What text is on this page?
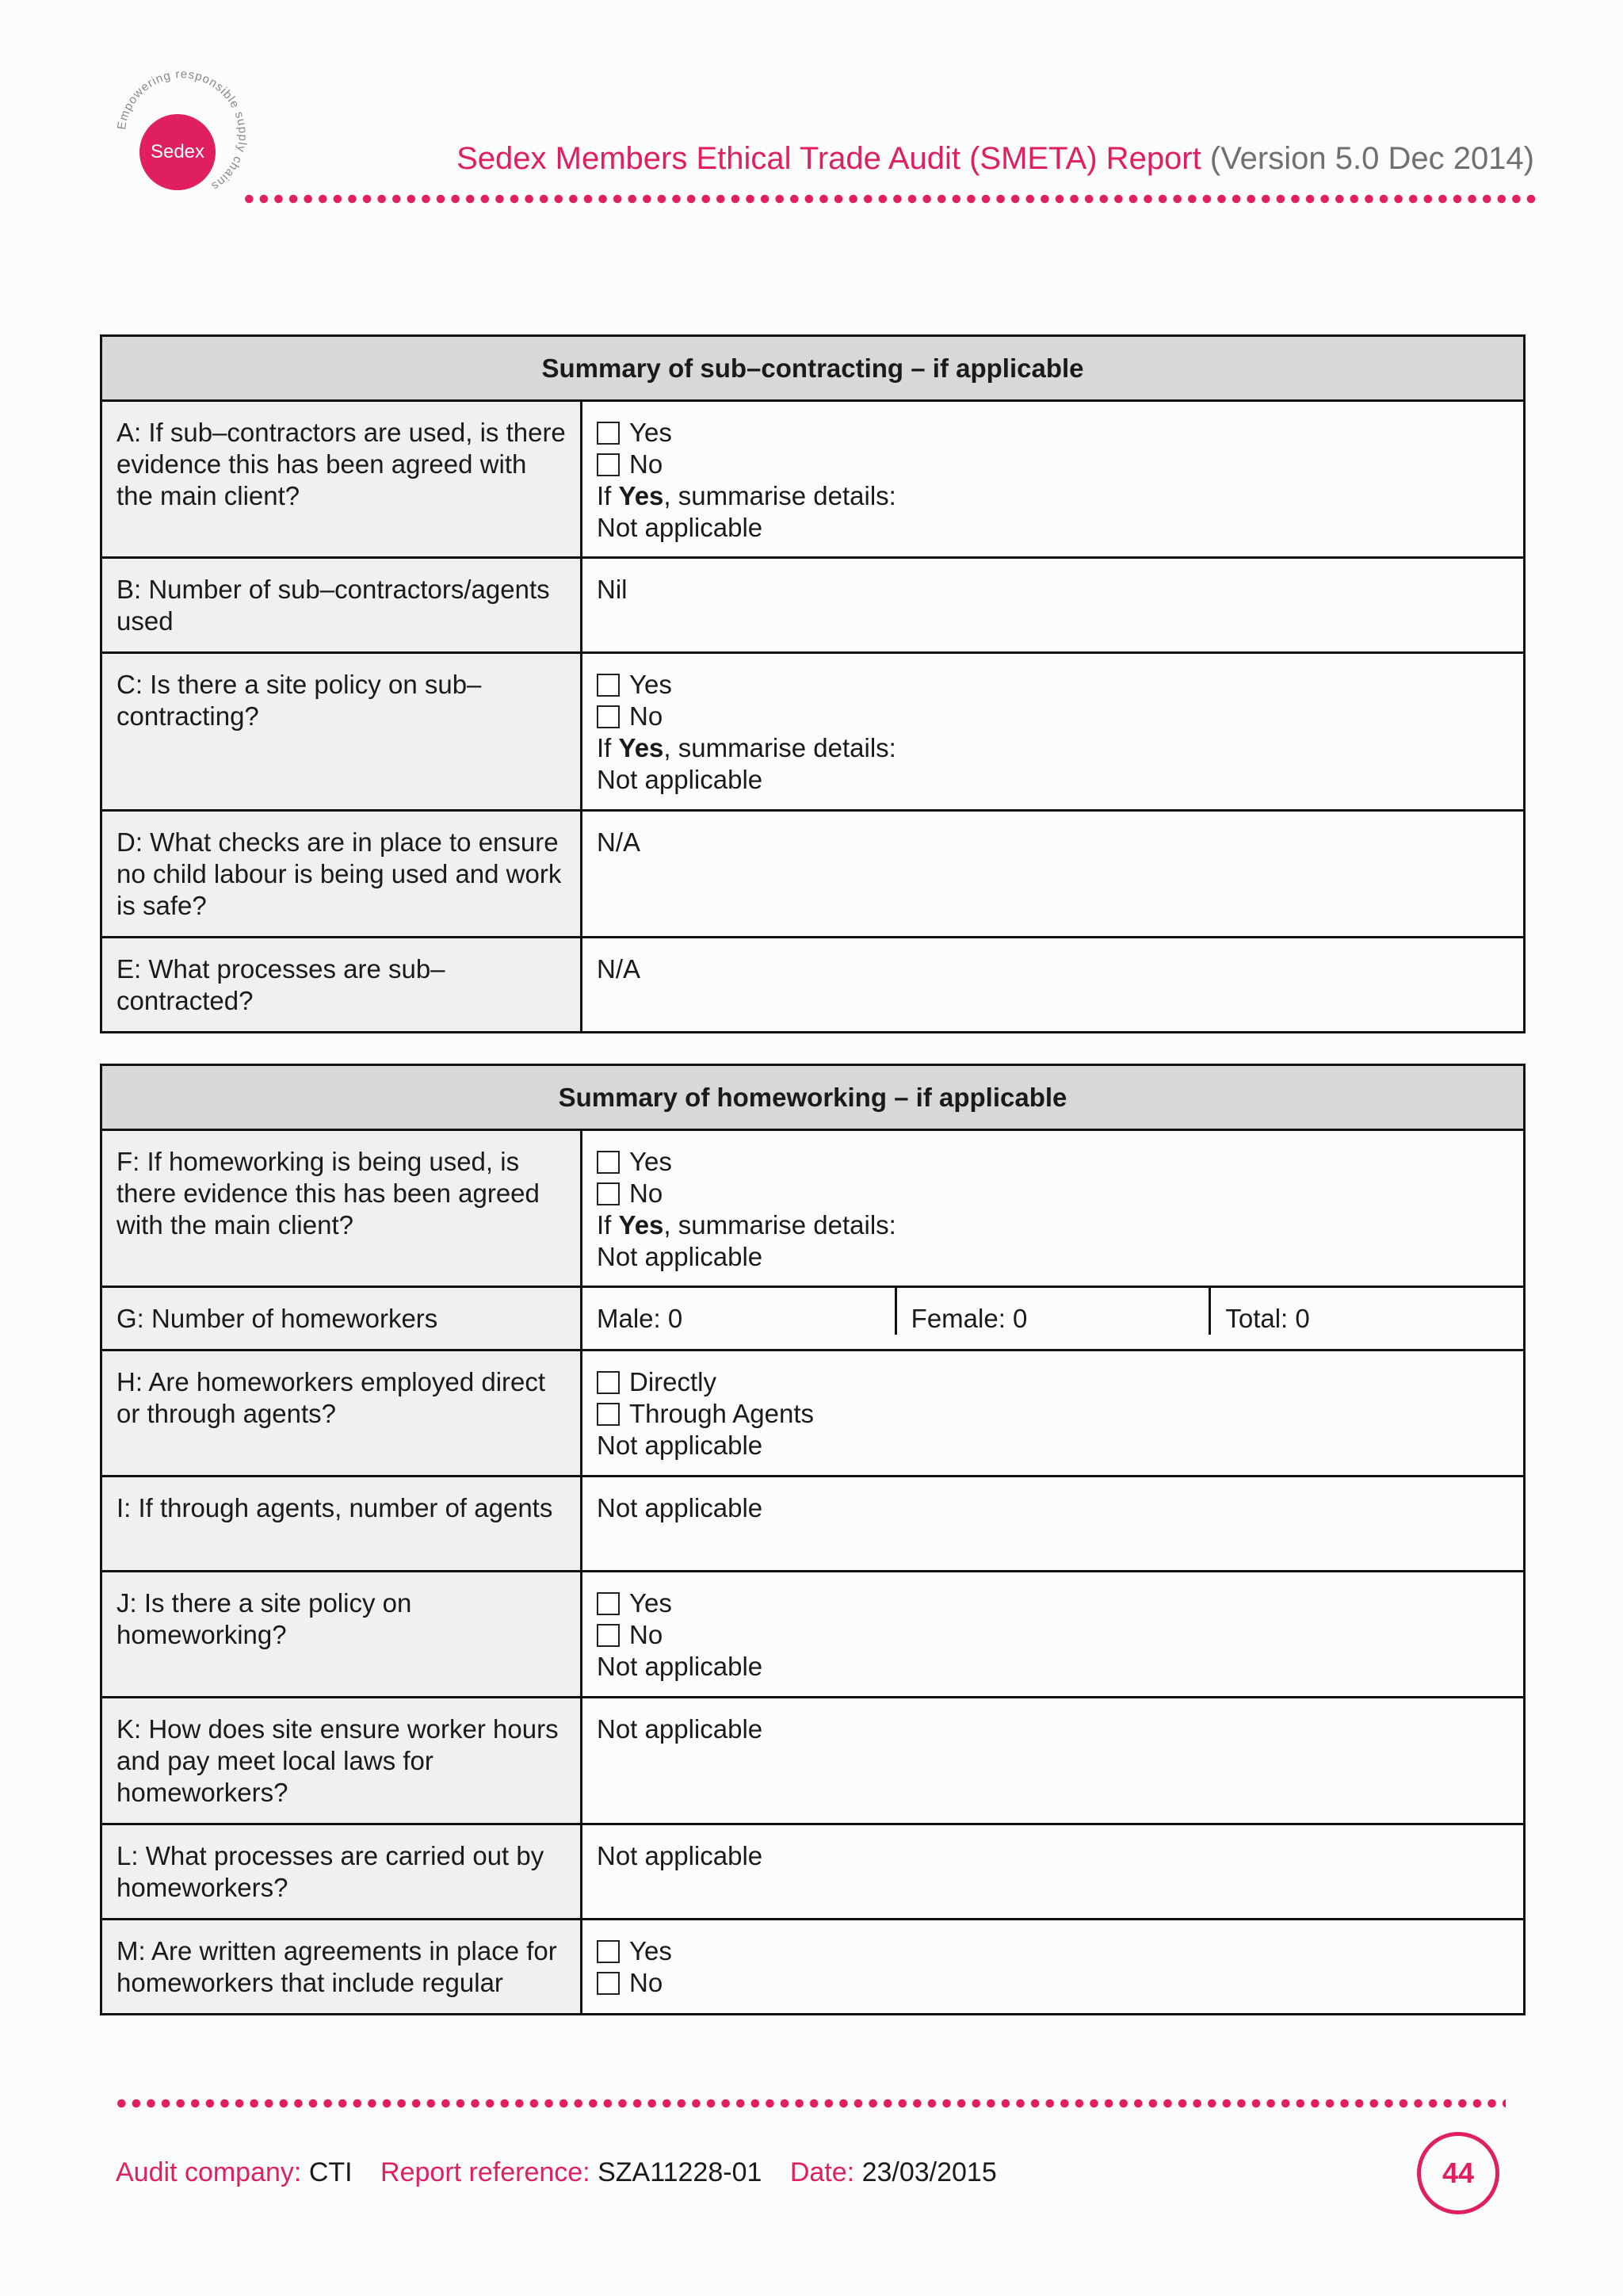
Empowering responsible supply chains
Sedex	Sedex Members Ethical Trade Audit (SMETA) Report (Version 5.0 Dec 2014)
Summary of sub–contracting – if applicable	
A: If sub–contractors are used, is there evidence this has been agreed with the main client?	Yes
No
If Yes, summarise details:
Not applicable

B: Number of sub–contractors/agents used	Nil
C: Is there a site policy on sub–contracting?	Yes
No
If Yes, summarise details:
Not applicable

D: What checks are in place to ensure no child labour is being used and work is safe?	N/A
E: What processes are sub–contracted?	N/A
Summary of homeworking – if applicable	
F: If homeworking is being used, is there evidence this has been agreed with the main client?	Yes
No
If Yes, summarise details:
Not applicable

G: Number of homeworkers	Male: 0 Female: 0 Total: 0

H: Are homeworkers employed direct or through agents?	Directly
Through Agents
Not applicable

I: If through agents, number of agents	Not applicable
J: Is there a site policy on homeworking?	Yes
No
Not applicable

K: How does site ensure worker hours and pay meet local laws for homeworkers?	Not applicable
L: What processes are carried out by homeworkers?	Not applicable
M: Are written agreements in place for homeworkers that include regular	Yes
No
Audit company: CTI Report reference: SZA11228-01 Date: 23/03/2015	44
